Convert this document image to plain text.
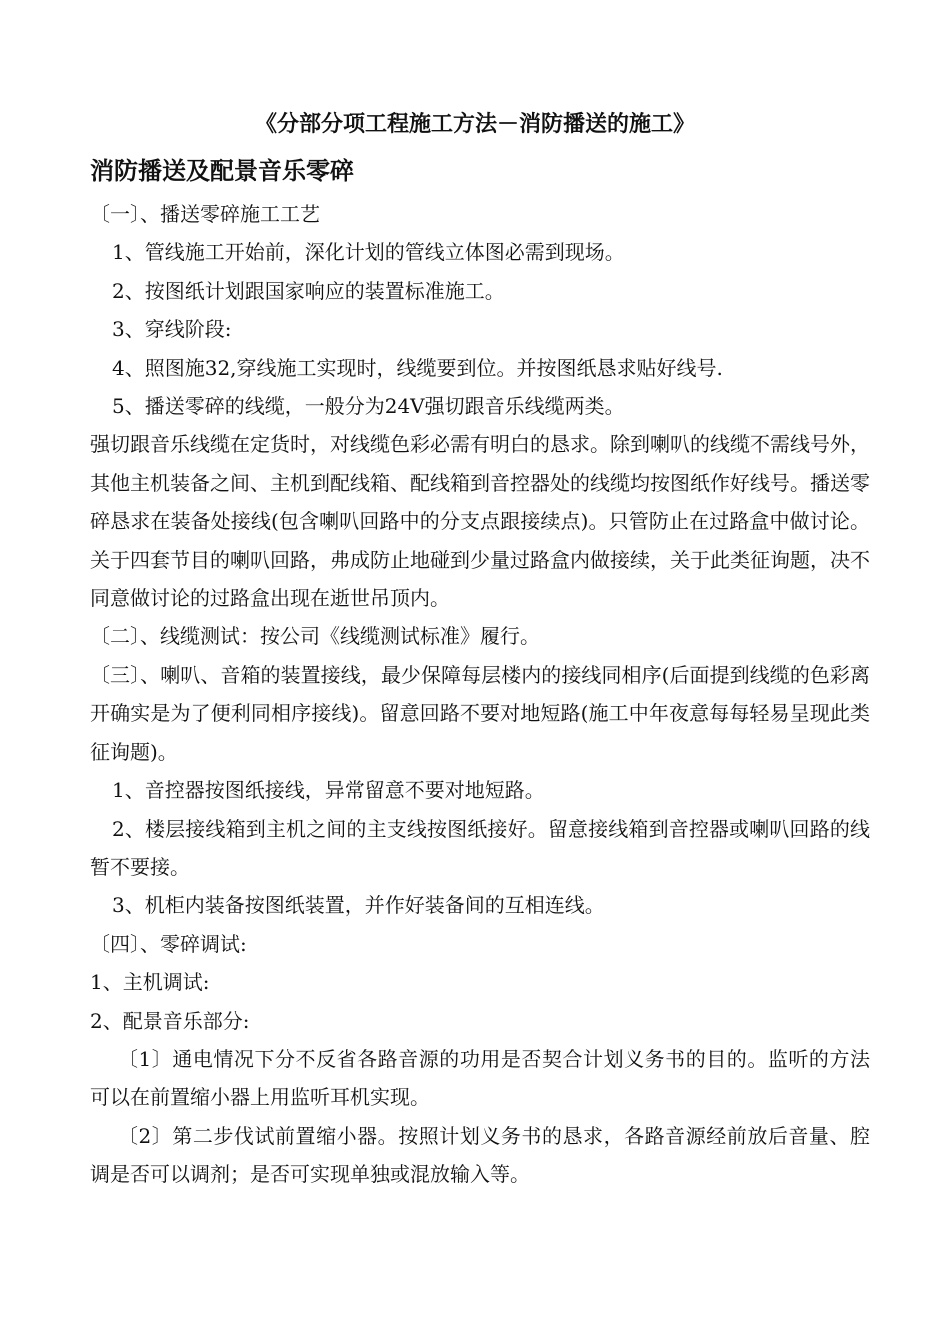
《分部分项工程施工方法－消防播送的施工》
消防播送及配景音乐零碎

〔一〕、播送零碎施工工艺

1、管线施工开始前，深化计划的管线立体图必需到现场。

2、按图纸计划跟国家响应的装置标准施工。

3、穿线阶段:

4、照图施32,穿线施工实现时，线缆要到位。并按图纸恳求贴好线号.

5、播送零碎的线缆，一般分为24V强切跟音乐线缆两类。

强切跟音乐线缆在定货时，对线缆色彩必需有明白的恳求。除到喇叭的线缆不需线号外，其他主机装备之间、主机到配线箱、配线箱到音控器处的线缆均按图纸作好线号。播送零碎恳求在装备处接线(包含喇叭回路中的分支点跟接续点)。只管防止在过路盒中做讨论。关于四套节目的喇叭回路，弗成防止地碰到少量过路盒内做接续，关于此类征询题，决不同意做讨论的过路盒出现在逝世吊顶内。

〔二〕、线缆测试：按公司《线缆测试标准》履行。

〔三〕、喇叭、音箱的装置接线，最少保障每层楼内的接线同相序(后面提到线缆的色彩离开确实是为了便利同相序接线)。留意回路不要对地短路(施工中年夜意每每轻易呈现此类征询题)。

1、音控器按图纸接线，异常留意不要对地短路。

2、楼层接线箱到主机之间的主支线按图纸接好。留意接线箱到音控器或喇叭回路的线暂不要接。

3、机柜内装备按图纸装置，并作好装备间的互相连线。

〔四〕、零碎调试:

1、主机调试:

2、配景音乐部分:

〔1〕通电情况下分不反省各路音源的功用是否契合计划义务书的目的。监听的方法可以在前置缩小器上用监听耳机实现。

〔2〕第二步伐试前置缩小器。按照计划义务书的恳求，各路音源经前放后音量、腔调是否可以调剂；是否可实现单独或混放输入等。
